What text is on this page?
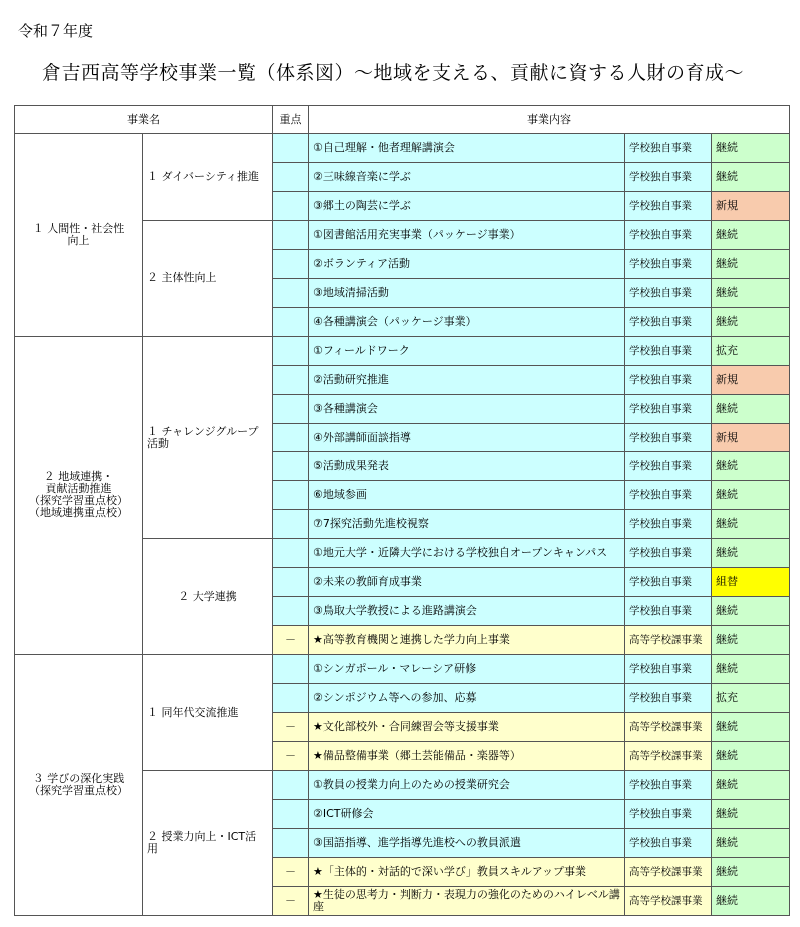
令和７年度
倉吉西高等学校事業一覧（体系図）～地域を支える、貢献に資する人財の育成～
事業名		重点	事業内容		
１ 人間性・社会性
向上	１ ダイバーシティ推進		①自己理解・他者理解講演会	学校独自事業	継続
			②三味線音楽に学ぶ	学校独自事業	継続
			③郷土の陶芸に学ぶ	学校独自事業	新規
	２ 主体性向上		①図書館活用充実事業（パッケージ事業）	学校独自事業	継続
			②ボランティア活動	学校独自事業	継続
			③地域清掃活動	学校独自事業	継続
			④各種講演会（パッケージ事業）	学校独自事業	継続
２ 地域連携・
貢献活動推進
（探究学習重点校）
（地域連携重点校）	１ チャレンジグループ活動		①フィールドワーク	学校独自事業	拡充
			②活動研究推進	学校独自事業	新規
			③各種講演会	学校独自事業	継続
			④外部講師面談指導	学校独自事業	新規
			⑤活動成果発表	学校独自事業	継続
			⑥地域参画	学校独自事業	継続
			⑦7探究活動先進校視察	学校独自事業	継続
	２ 大学連携		①地元大学・近隣大学における学校独自オープンキャンパス	学校独自事業	継続
			②未来の教師育成事業	学校独自事業	組替
			③鳥取大学教授による進路講演会	学校独自事業	継続
		－	★高等教育機関と連携した学力向上事業	高等学校課事業	継続
３ 学びの深化実践
（探究学習重点校）	１ 同年代交流推進		①シンガポール・マレーシア研修	学校独自事業	継続
			②シンポジウム等への参加、応募	学校独自事業	拡充
		－	★文化部校外・合同練習会等支援事業	高等学校課事業	継続
		－	★備品整備事業（郷土芸能備品・楽器等）	高等学校課事業	継続
	２ 授業力向上・ICT活
用		①教員の授業力向上のための授業研究会	学校独自事業	継続
			②ICT研修会	学校独自事業	継続
			③国語指導、進学指導先進校への教員派遣	学校独自事業	継続
		－	★「主体的・対話的で深い学び」教員スキルアップ事業	高等学校課事業	継続
		－	★生徒の思考力・判断力・表現力の強化のためのハイレベル講座	高等学校課事業	継続
